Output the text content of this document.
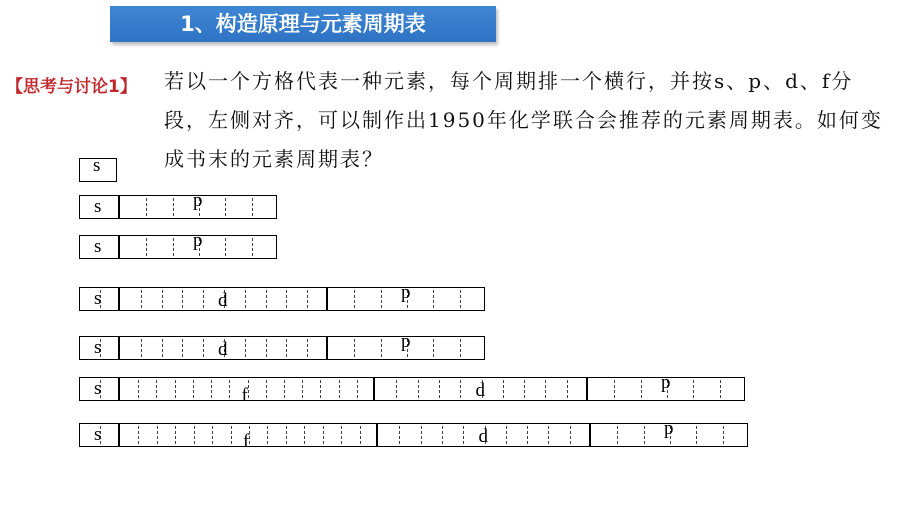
1、构造原理与元素周期表
【思考与讨论1】 若以一个方格代表一种元素，每个周期排一个横行，并按s、p、d、f分段，左侧对齐，可以制作出1950年化学联合会推荐的元素周期表。如何变成书末的元素周期表？
s
s	p
s	p
s	d	p
s	d	p
s	f	d	p
s	f	d	p
